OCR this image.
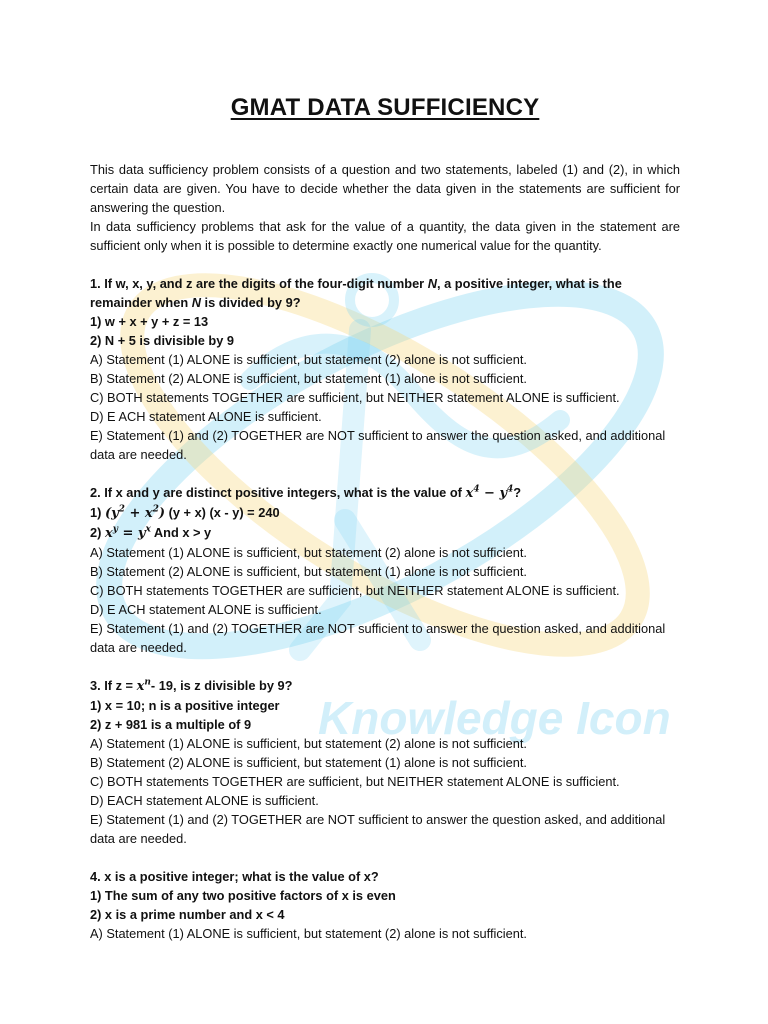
Knowledge Icon
GMAT DATA SUFFICIENCY

This data sufficiency problem consists of a question and two statements, labeled (1) and (2), in which certain data are given. You have to decide whether the data given in the statements are sufficient for answering the question.

In data sufficiency problems that ask for the value of a quantity, the data given in the statement are sufficient only when it is possible to determine exactly one numerical value for the quantity.

1. If w, x, y, and z are the digits of the four-digit number N, a positive integer, what is the remainder when N is divided by 9?

1) w + x + y + z = 13

2) N + 5 is divisible by 9

A) Statement (1) ALONE is sufficient, but statement (2) alone is not sufficient.

B) Statement (2) ALONE is sufficient, but statement (1) alone is not sufficient.

C) BOTH statements TOGETHER are sufficient, but NEITHER statement ALONE is sufficient.

D) E ACH statement ALONE is sufficient.

E) Statement (1) and (2) TOGETHER are NOT sufficient to answer the question asked, and additional data are needed.

2. If x and y are distinct positive integers, what is the value of $x^4 - y^4$?

1) $(y^2 + x^2) (y + x)$ (x - y) = 240

2) $x^y = y^x$ And x > y

A) Statement (1) ALONE is sufficient, but statement (2) alone is not sufficient.

B) Statement (2) ALONE is sufficient, but statement (1) alone is not sufficient.

C) BOTH statements TOGETHER are sufficient, but NEITHER statement ALONE is sufficient.

D) E ACH statement ALONE is sufficient.

E) Statement (1) and (2) TOGETHER are NOT sufficient to answer the question asked, and additional data are needed.

3. If $z = x^n-$ 19, is z divisible by 9?

1) x = 10; n is a positive integer

2) z + 981 is a multiple of 9

A) Statement (1) ALONE is sufficient, but statement (2) alone is not sufficient.

B) Statement (2) ALONE is sufficient, but statement (1) alone is not sufficient.

C) BOTH statements TOGETHER are sufficient, but NEITHER statement ALONE is sufficient.

D) EACH statement ALONE is sufficient.

E) Statement (1) and (2) TOGETHER are NOT sufficient to answer the question asked, and additional data are needed.

4. x is a positive integer; what is the value of x?

1) The sum of any two positive factors of x is even

2) x is a prime number and x < 4

A) Statement (1) ALONE is sufficient, but statement (2) alone is not sufficient.
